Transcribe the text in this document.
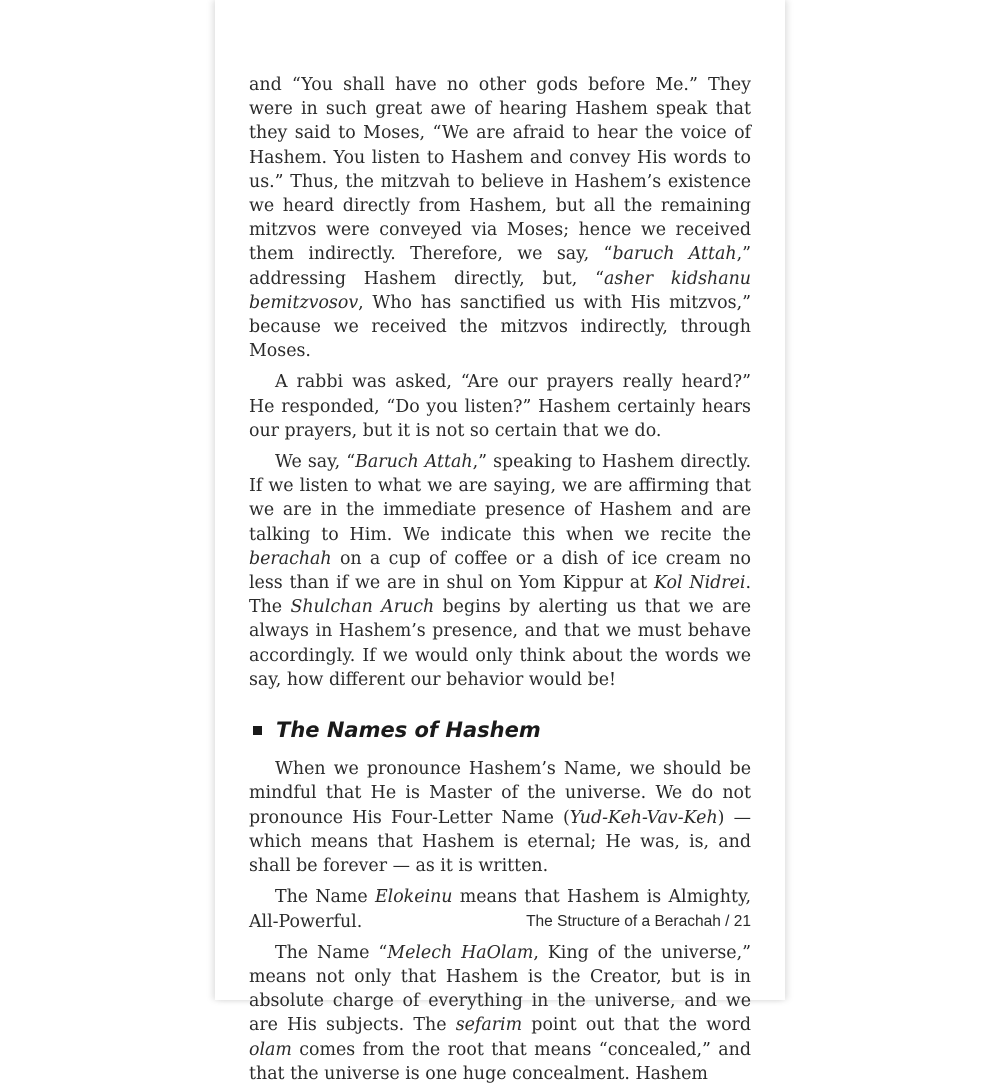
and “You shall have no other gods before Me.” They were in such great awe of hearing Hashem speak that they said to Moses, “We are afraid to hear the voice of Hashem. You listen to Hashem and convey His words to us.” Thus, the mitzvah to believe in Hashem’s existence we heard directly from Hashem, but all the remaining mitzvos were conveyed via Moses; hence we received them indirectly. Therefore, we say, “baruch Attah,” addressing Hashem directly, but, “asher kidshanu bemitzvosov, Who has sanctified us with His mitzvos,” because we received the mitzvos indirectly, through Moses.

A rabbi was asked, “Are our prayers really heard?” He responded, “Do you listen?” Hashem certainly hears our prayers, but it is not so certain that we do.

We say, “Baruch Attah,” speaking to Hashem directly. If we listen to what we are saying, we are affirming that we are in the immediate presence of Hashem and are talking to Him. We indicate this when we recite the berachah on a cup of coffee or a dish of ice cream no less than if we are in shul on Yom Kippur at Kol Nidrei. The Shulchan Aruch begins by alerting us that we are always in Hashem’s presence, and that we must behave accordingly. If we would only think about the words we say, how different our behavior would be!

The Names of Hashem

When we pronounce Hashem’s Name, we should be mindful that He is Master of the universe. We do not pronounce His Four-Letter Name (Yud-Keh-Vav-Keh) — which means that Hashem is eternal; He was, is, and shall be forever — as it is written.

The Name Elokeinu means that Hashem is Almighty, All-Powerful.

The Name “Melech HaOlam, King of the universe,” means not only that Hashem is the Creator, but is in absolute charge of everything in the universe, and we are His subjects. The sefarim point out that the word olam comes from the root that means “concealed,” and that the universe is one huge concealment. Hashem

The Structure of a Berachah / 21
